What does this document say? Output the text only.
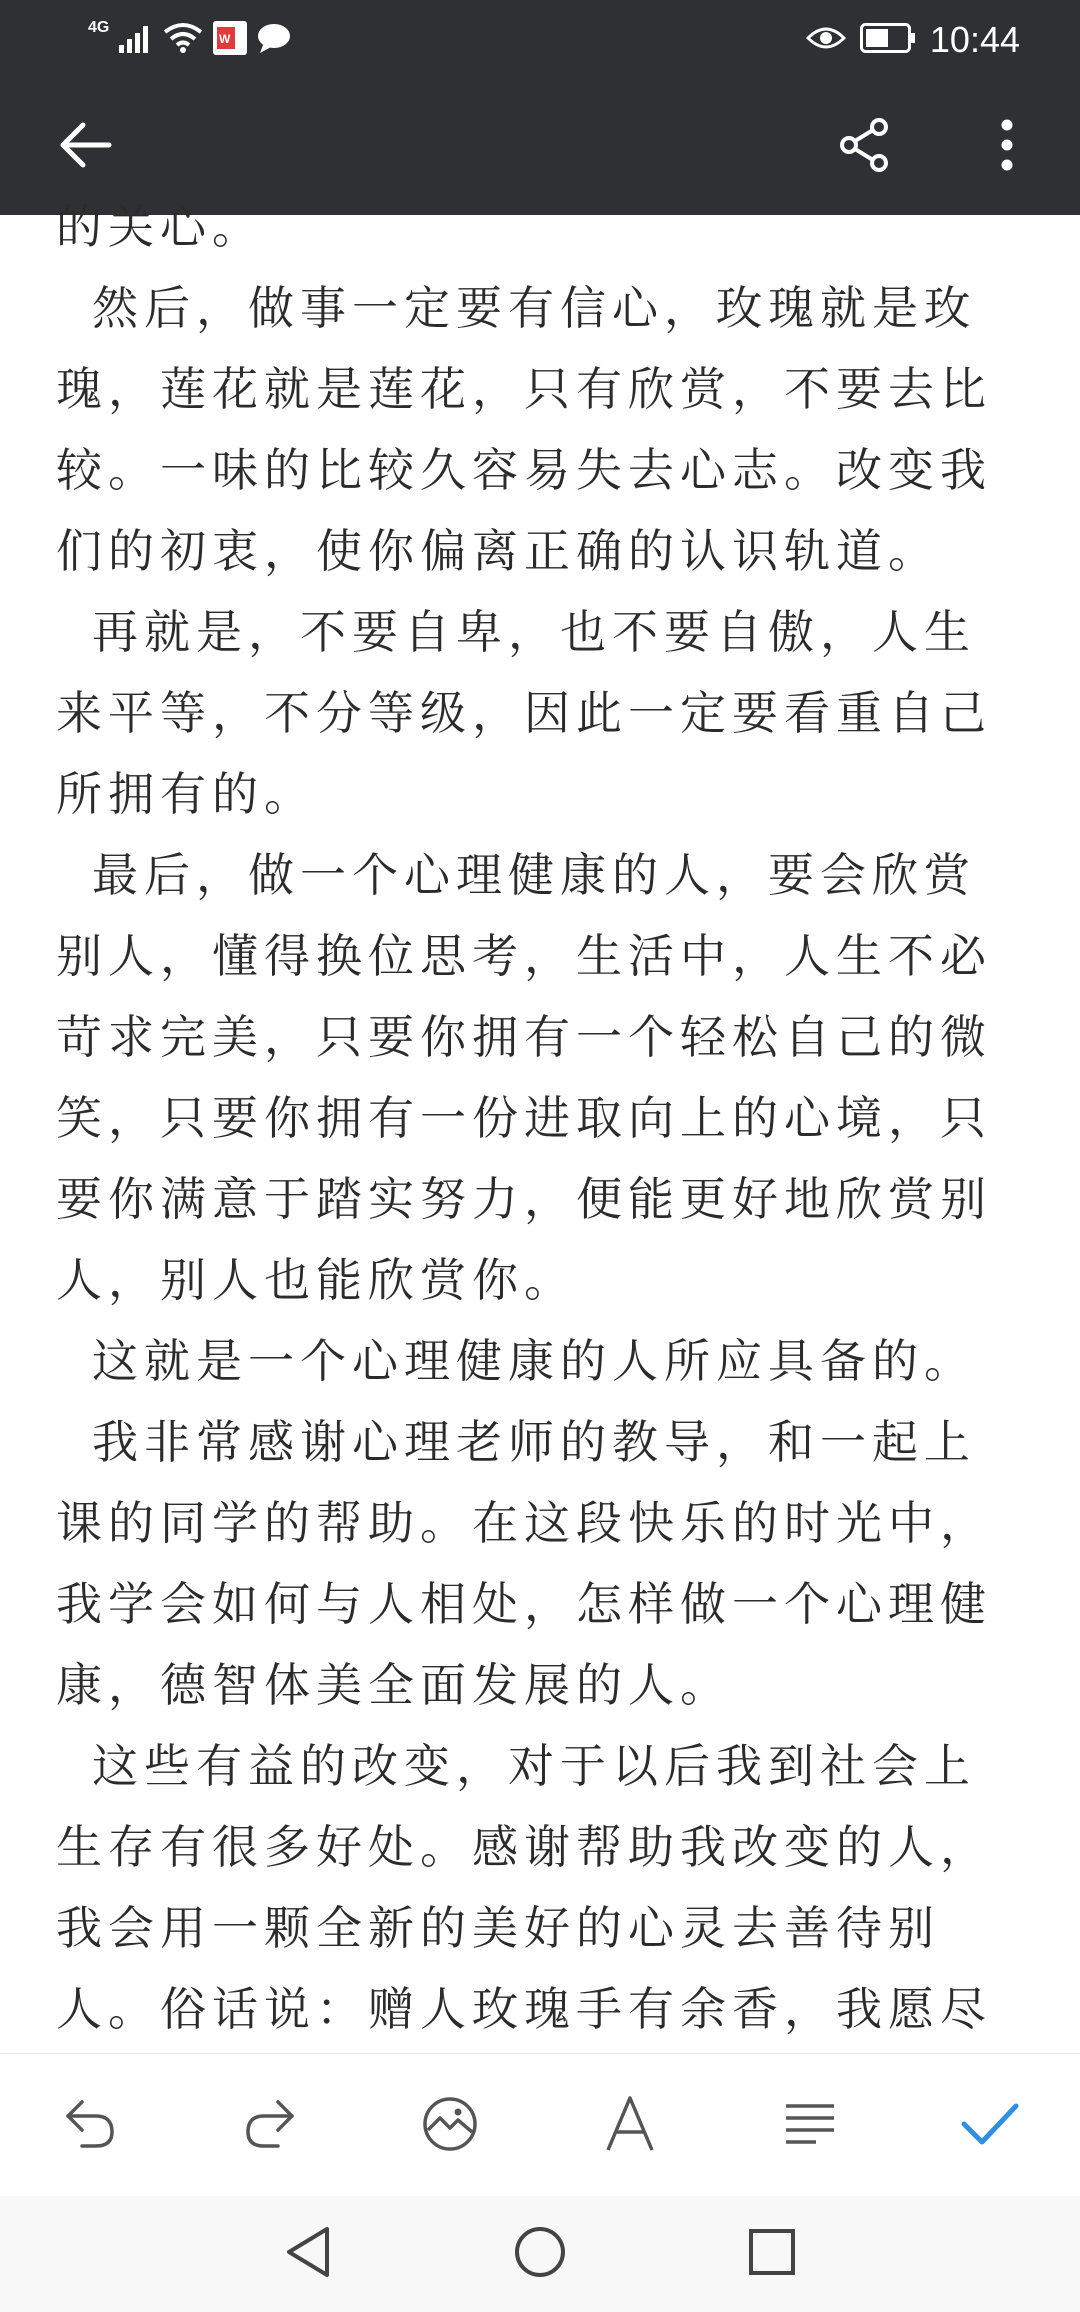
4G
W	10:44

的关心。

然后，做事一定要有信心，玫瑰就是玫瑰，莲花就是莲花，只有欣赏，不要去比较。一味的比较久容易失去心志。改变我们的初衷，使你偏离正确的认识轨道。

再就是，不要自卑，也不要自傲，人生来平等，不分等级，因此一定要看重自己所拥有的。

最后，做一个心理健康的人，要会欣赏别人，懂得换位思考，生活中，人生不必苛求完美，只要你拥有一个轻松自己的微笑，只要你拥有一份进取向上的心境，只要你满意于踏实努力，便能更好地欣赏别人，别人也能欣赏你。

这就是一个心理健康的人所应具备的。

我非常感谢心理老师的教导，和一起上课的同学的帮助。在这段快乐的时光中，我学会如何与人相处，怎样做一个心理健康，德智体美全面发展的人。

这些有益的改变，对于以后我到社会上生存有很多好处。感谢帮助我改变的人，我会用一颗全新的美好的心灵去善待别人。俗话说：赠人玫瑰手有余香，我愿尽
